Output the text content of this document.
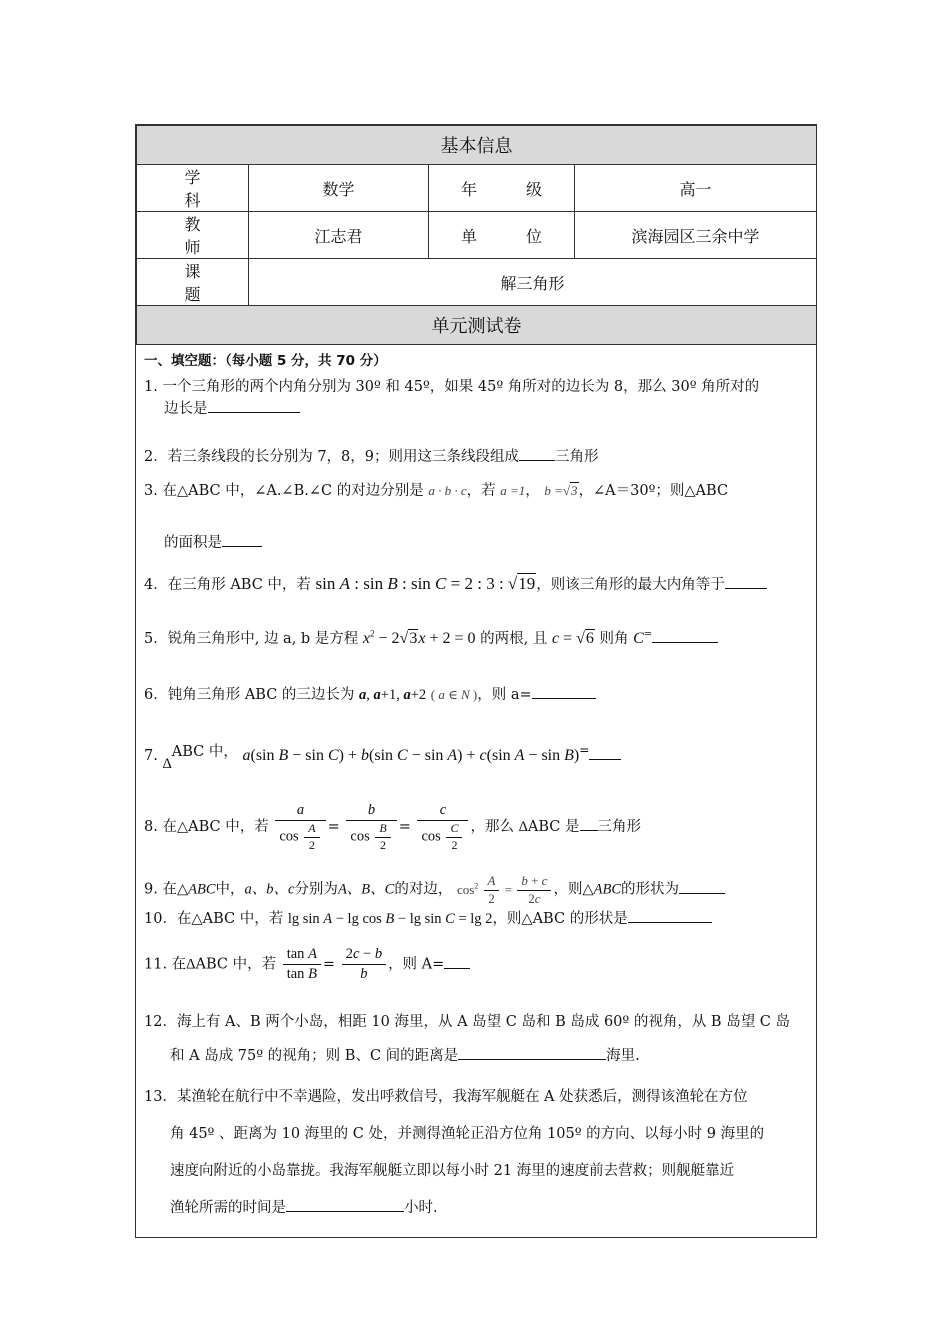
基本信息			
学 科	数学	年 级	高一
教 师	江志君	单 位	滨海园区三余中学
课 题	解三角形		
单元测试卷			
一、填空题：（每小题 5 分，共 70 分）
1. 一个三角形的两个内角分别为 30º 和 45º，如果 45º 角所对的边长为 8，那么 30º 角所对的
边长是
2．若三条线段的长分别为 7，8，9；则用这三条线段组成 三角形
3. 在△ABC 中，∠A.∠B.∠C 的对边分别是 a · b · c，若 a =1， b =√3，∠A＝30º；则△ABC
的面积是
4．在三角形 ABC 中，若 sin A : sin B : sin C = 2 : 3 : √19，则该三角形的最大内角等于
5．锐角三角形中, 边 a, b 是方程 $x^2 - 2√3x + 2 = 0$ 的两根, 且 c = √6 则角 C=
6．钝角三角形 ABC 的三边长为 a, a+1, a+2 ( a ∈ N )，则 a=
7. ΔABC 中， a(sin B − sin C) + b(sin C − sin A) + c(sin A − sin B)=
8. 在△ABC 中，若 $\frac{a}{\cos \frac{A}{2}} = \frac{b}{\cos \frac{B}{2}} = \frac{c}{\cos \frac{C}{2}}$ ，那么 ΔABC 是 三角形
9. 在△ABC中，a、b、c分别为A、B、C的对边， $\cos^2 \frac{A}{2} = \frac{b + c}{2c}$ ，则△ABC的形状为
10．在△ABC 中，若 lg sin A − lg cos B − lg sin C = lg 2，则△ABC 的形状是
11. 在ΔABC 中，若 $\frac{\text{tan A}}{\text{tan B}} = \frac{2c - b}{b}$ ，则 A=
12．海上有 A、B 两个小岛，相距 10 海里，从 A 岛望 C 岛和 B 岛成 60º 的视角，从 B 岛望 C 岛
和 A 岛成 75º 的视角；则 B、C 间的距离是	海里.
13．某渔轮在航行中不幸遇险，发出呼救信号，我海军舰艇在 A 处获悉后，测得该渔轮在方位
角 45º 、距离为 10 海里的 C 处，并测得渔轮正沿方位角 105º 的方向、以每小时 9 海里的
速度向附近的小岛靠拢。我海军舰艇立即以每小时 21 海里的速度前去营救；则舰艇靠近
渔轮所需的时间是	小时.
